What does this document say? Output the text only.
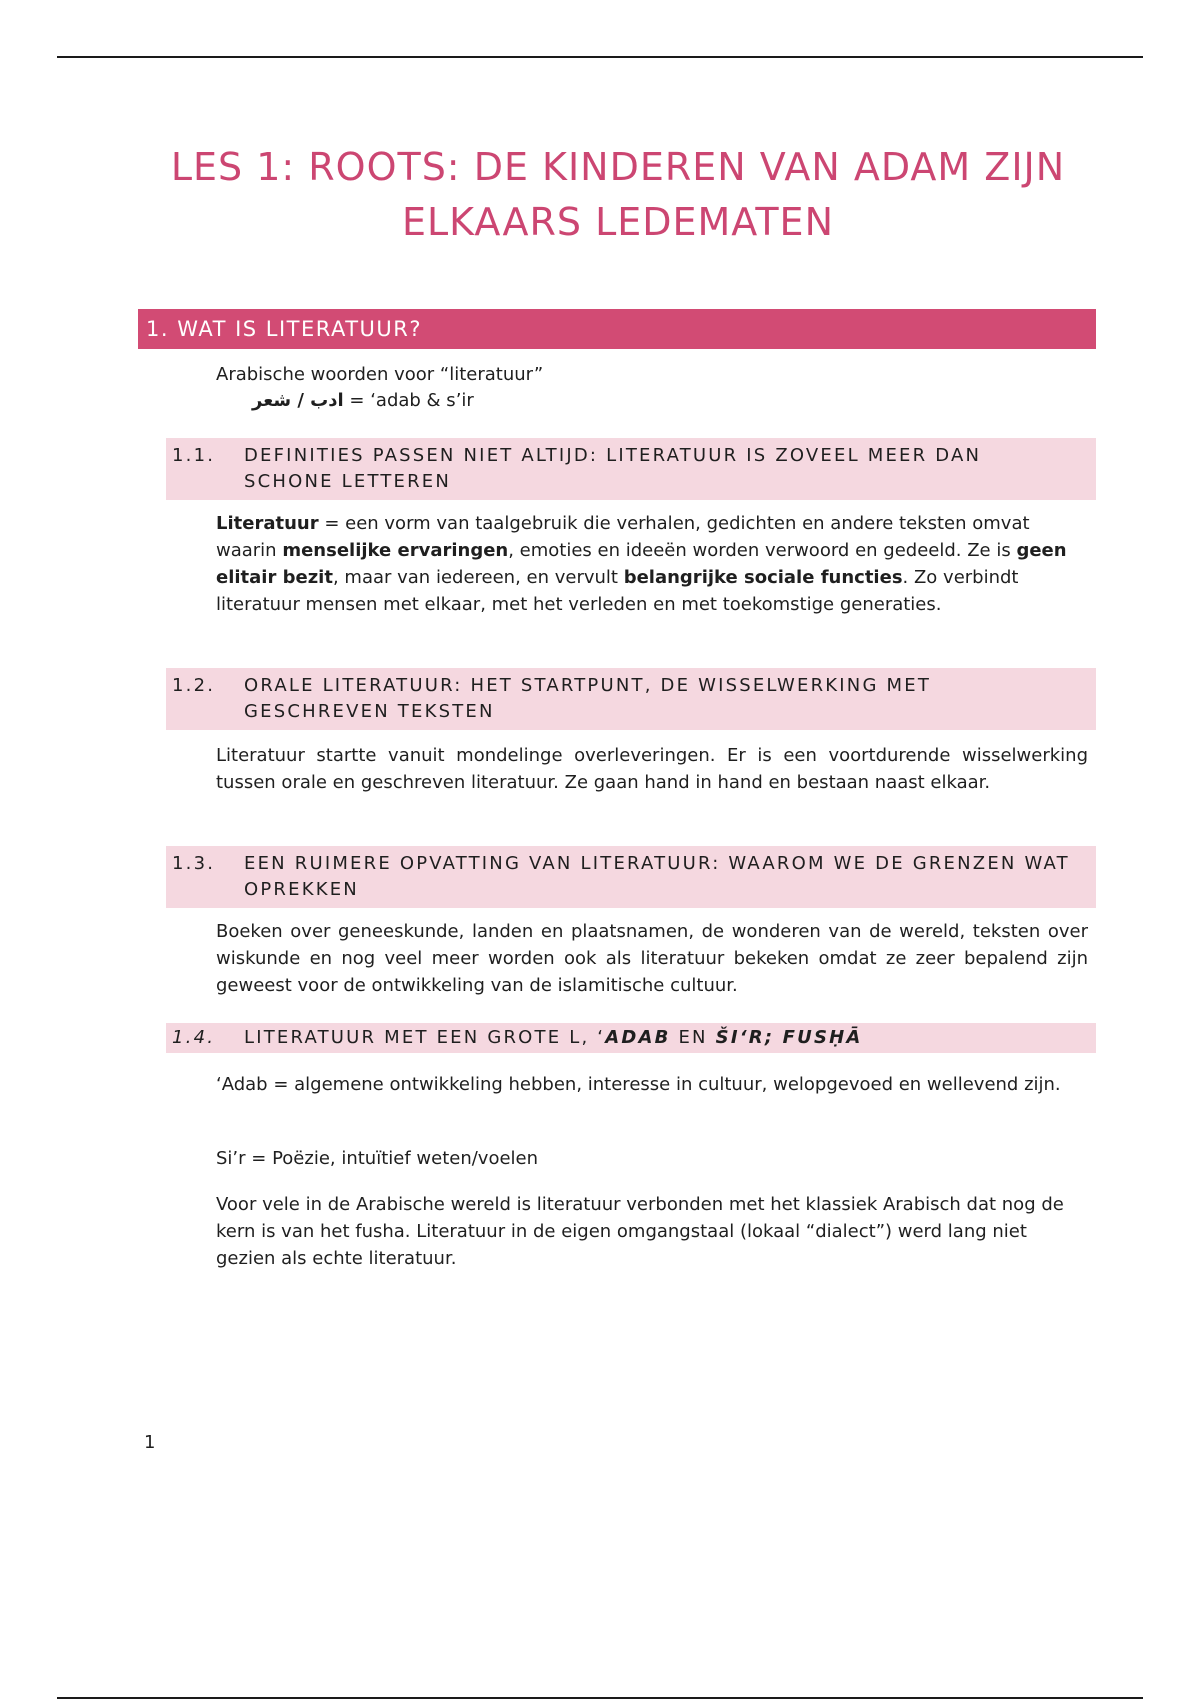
LES 1: ROOTS: DE KINDEREN VAN ADAM ZIJN ELKAARS LEDEMATEN
1. WAT IS LITERATUUR?
Arabische woorden voor “literatuur”
ادب / شعر = ‘adab & s’ir
1.1.	DEFINITIES PASSEN NIET ALTIJD: LITERATUUR IS ZOVEEL MEER DAN SCHONE LETTEREN

Literatuur = een vorm van taalgebruik die verhalen, gedichten en andere teksten omvat waarin menselijke ervaringen, emoties en ideeën worden verwoord en gedeeld. Ze is geen elitair bezit, maar van iedereen, en vervult belangrijke sociale functies. Zo verbindt literatuur mensen met elkaar, met het verleden en met toekomstige generaties.

1.2.	ORALE LITERATUUR: HET STARTPUNT, DE WISSELWERKING MET GESCHREVEN TEKSTEN

Literatuur startte vanuit mondelinge overleveringen. Er is een voortdurende wisselwerking tussen orale en geschreven literatuur. Ze gaan hand in hand en bestaan naast elkaar.

1.3.	EEN RUIMERE OPVATTING VAN LITERATUUR: WAAROM WE DE GRENZEN WAT OPREKKEN

Boeken over geneeskunde, landen en plaatsnamen, de wonderen van de wereld, teksten over wiskunde en nog veel meer worden ook als literatuur bekeken omdat ze zeer bepalend zijn geweest voor de ontwikkeling van de islamitische cultuur.

1.4.	LITERATUUR MET EEN GROTE L, ‘ADAB EN ŠI‘R; FUSḤĀ

‘Adab = algemene ontwikkeling hebben, interesse in cultuur, welopgevoed en wellevend zijn.

Si’r = Poëzie, intuïtief weten/voelen

Voor vele in de Arabische wereld is literatuur verbonden met het klassiek Arabisch dat nog de kern is van het fusha. Literatuur in de eigen omgangstaal (lokaal “dialect”) werd lang niet gezien als echte literatuur.

1
